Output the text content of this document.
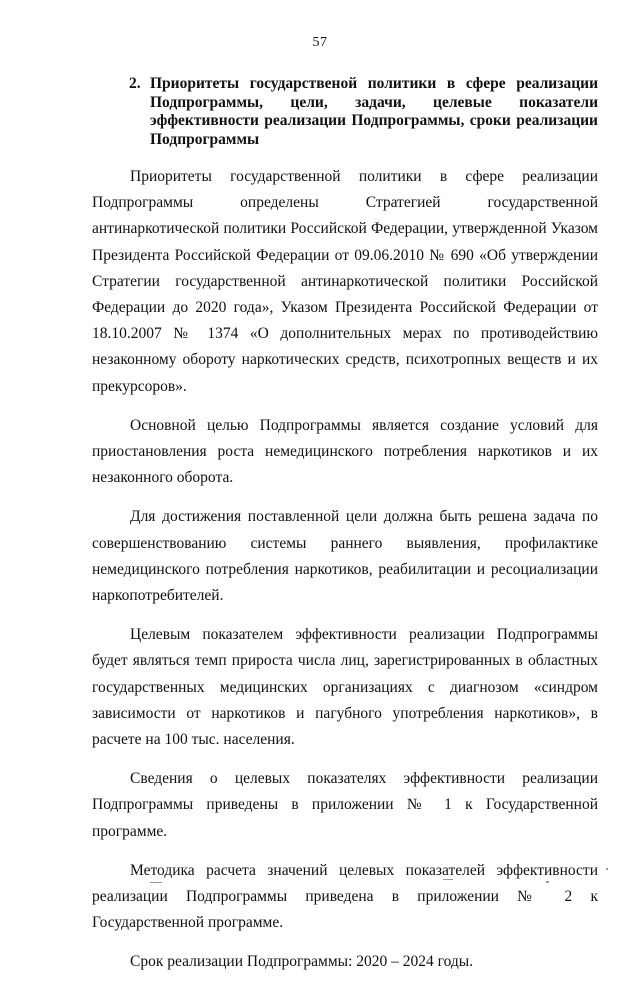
57
2. Приоритеты государственой политики в сфере реализации
Подпрограммы, цели, задачи, целевые показатели
эффективности реализации Подпрограммы, сроки реализации
Подпрограммы

Приоритеты государственной политики в сфере реализации Подпрограммы определены Стратегией государственной антинаркотической политики Российской Федерации, утвержденной Указом Президента Российской Федерации от 09.06.2010 № 690 «Об утверждении Стратегии государственной антинаркотической политики Российской Федерации до 2020 года», Указом Президента Российской Федерации от 18.10.2007 № 1374 «О дополнительных мерах по противодействию незаконному обороту наркотических средств, психотропных веществ и их прекурсоров».

Основной целью Подпрограммы является создание условий для приостановления роста немедицинского потребления наркотиков и их незаконного оборота.

Для достижения поставленной цели должна быть решена задача по совершенствованию системы раннего выявления, профилактике немедицинского потребления наркотиков, реабилитации и ресоциализации наркопотребителей.

Целевым показателем эффективности реализации Подпрограммы будет являться темп прироста числа лиц, зарегистрированных в областных государственных медицинских организациях с диагнозом «синдром зависимости от наркотиков и пагубного употребления наркотиков», в расчете на 100 тыс. населения.

Сведения о целевых показателях эффективности реализации Подпрограммы приведены в приложении № 1 к Государственной программе.

Методика расчета значений целевых показателей эффективности реализации Подпрограммы приведена в приложении № 2 к Государственной программе.

Срок реализации Подпрограммы: 2020 – 2024 годы.
